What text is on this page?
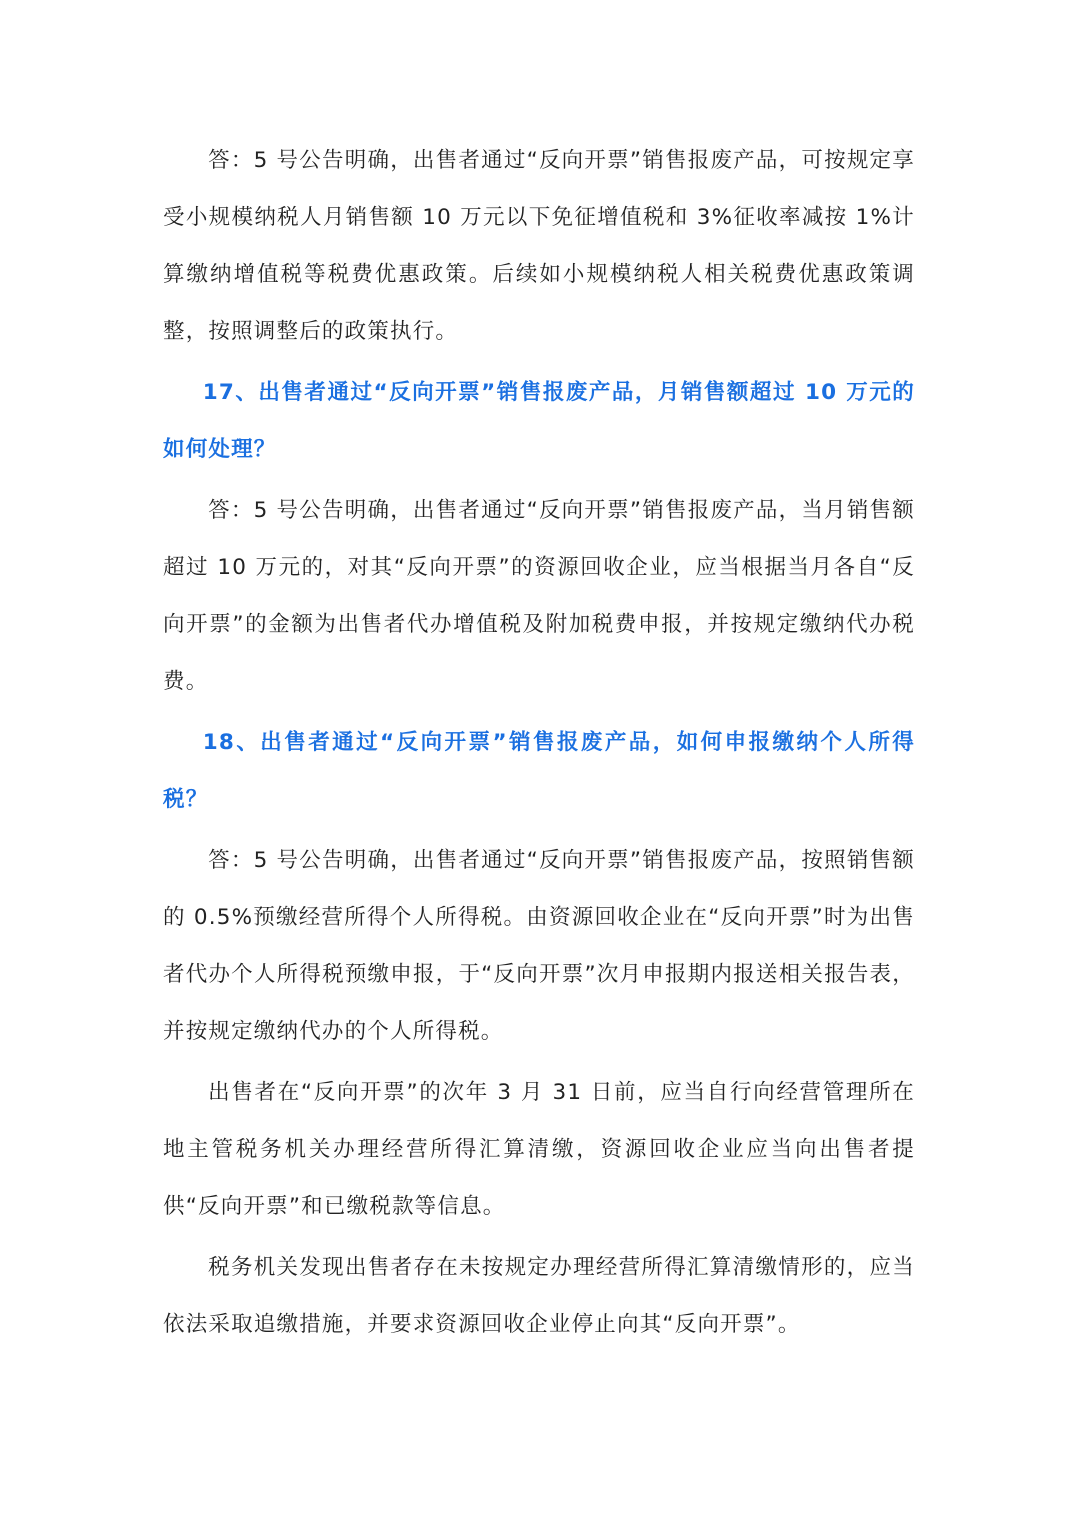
答：5 号公告明确，出售者通过“反向开票”销售报废产品，可按规定享受小规模纳税人月销售额 10 万元以下免征增值税和 3%征收率减按 1%计算缴纳增值税等税费优惠政策。后续如小规模纳税人相关税费优惠政策调整，按照调整后的政策执行。

17、出售者通过“反向开票”销售报废产品，月销售额超过 10 万元的如何处理？

答：5 号公告明确，出售者通过“反向开票”销售报废产品，当月销售额超过 10 万元的，对其“反向开票”的资源回收企业，应当根据当月各自“反向开票”的金额为出售者代办增值税及附加税费申报，并按规定缴纳代办税费。

18、出售者通过“反向开票”销售报废产品，如何申报缴纳个人所得税？

答：5 号公告明确，出售者通过“反向开票”销售报废产品，按照销售额的 0.5%预缴经营所得个人所得税。由资源回收企业在“反向开票”时为出售者代办个人所得税预缴申报，于“反向开票”次月申报期内报送相关报告表，并按规定缴纳代办的个人所得税。

出售者在“反向开票”的次年 3 月 31 日前，应当自行向经营管理所在地主管税务机关办理经营所得汇算清缴，资源回收企业应当向出售者提供“反向开票”和已缴税款等信息。

税务机关发现出售者存在未按规定办理经营所得汇算清缴情形的，应当依法采取追缴措施，并要求资源回收企业停止向其“反向开票”。
